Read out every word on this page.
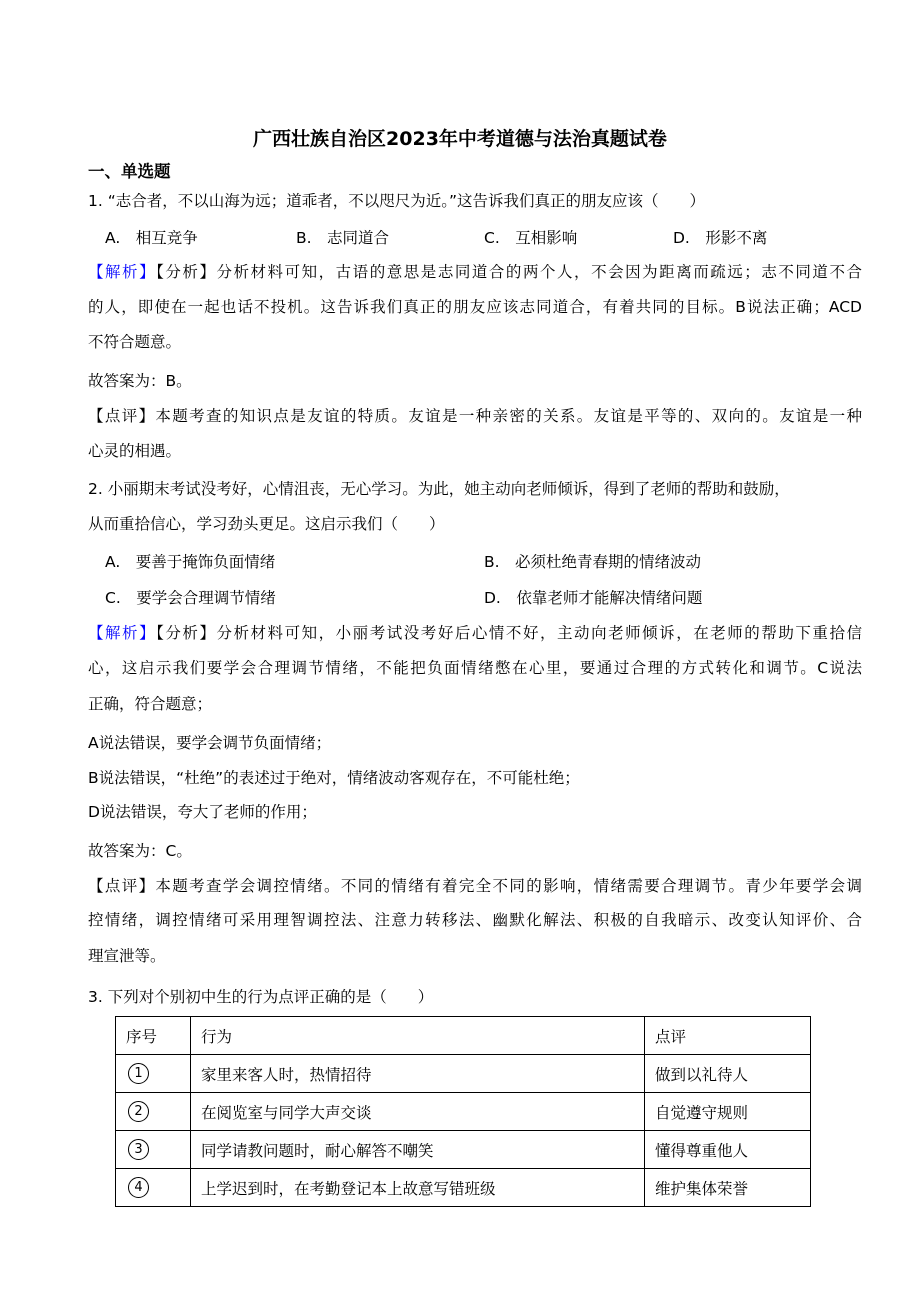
广西壮族自治区2023年中考道德与法治真题试卷
一、单选题
1. “志合者，不以山海为远；道乖者，不以咫尺为近。”这告诉我们真正的朋友应该（　　）
A.　相互竞争	B.　志同道合	C.　互相影响	D.　形影不离
【解析】【分析】分析材料可知，古语的意思是志同道合的两个人，不会因为距离而疏远；志不同道不合
的人，即使在一起也话不投机。这告诉我们真正的朋友应该志同道合，有着共同的目标。B说法正确；ACD
不符合题意。
故答案为：B。
【点评】本题考查的知识点是友谊的特质。友谊是一种亲密的关系。友谊是平等的、双向的。友谊是一种
心灵的相遇。
2. 小丽期末考试没考好，心情沮丧，无心学习。为此，她主动向老师倾诉，得到了老师的帮助和鼓励，
从而重拾信心，学习劲头更足。这启示我们（　　）
A.　要善于掩饰负面情绪	B.　必须杜绝青春期的情绪波动
C.　要学会合理调节情绪	D.　依靠老师才能解决情绪问题
【解析】【分析】分析材料可知，小丽考试没考好后心情不好，主动向老师倾诉，在老师的帮助下重拾信
心，这启示我们要学会合理调节情绪，不能把负面情绪憋在心里，要通过合理的方式转化和调节。C说法
正确，符合题意；
A说法错误，要学会调节负面情绪；
B说法错误，“杜绝”的表述过于绝对，情绪波动客观存在，不可能杜绝；
D说法错误，夸大了老师的作用；
故答案为：C。
【点评】本题考查学会调控情绪。不同的情绪有着完全不同的影响，情绪需要合理调节。青少年要学会调
控情绪，调控情绪可采用理智调控法、注意力转移法、幽默化解法、积极的自我暗示、改变认知评价、合
理宣泄等。
3. 下列对个别初中生的行为点评正确的是（　　）
序号	行为	点评
1	家里来客人时，热情招待	做到以礼待人
2	在阅览室与同学大声交谈	自觉遵守规则
3	同学请教问题时，耐心解答不嘲笑	懂得尊重他人
4	上学迟到时，在考勤登记本上故意写错班级	维护集体荣誉
